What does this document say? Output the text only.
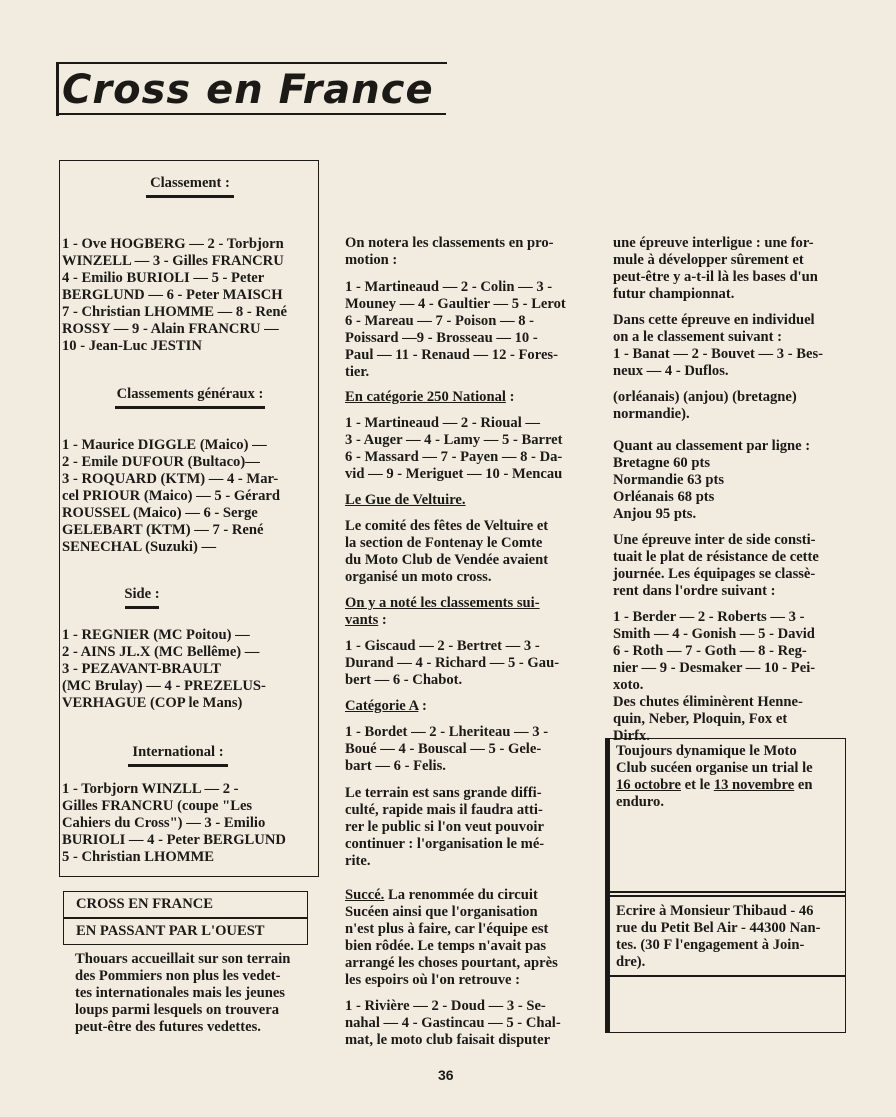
Cross en France
Classement :

1 - Ove HOGBERG — 2 - Torbjorn

WINZELL — 3 - Gilles FRANCRU

4 - Emilio BURIOLI — 5 - Peter

BERGLUND — 6 - Peter MAISCH

7 - Christian LHOMME — 8 - René

ROSSY — 9 - Alain FRANCRU —

10 - Jean-Luc JESTIN

Classements généraux :

1 - Maurice DIGGLE (Maico) —

2 - Emile DUFOUR (Bultaco)—

3 - ROQUARD (KTM) — 4 - Mar-

cel PRIOUR (Maico) — 5 - Gérard

ROUSSEL (Maico) — 6 - Serge

GELEBART (KTM) — 7 - René

SENECHAL (Suzuki) —

Side :

1 - REGNIER (MC Poitou) —

2 - AINS JL.X (MC Bellême) —

3 - PEZAVANT-BRAULT

(MC Brulay) — 4 - PREZELUS-

VERHAGUE (COP le Mans)

International :

1 - Torbjorn WINZLL — 2 -

Gilles FRANCRU (coupe "Les

Cahiers du Cross") — 3 - Emilio

BURIOLI — 4 - Peter BERGLUND

5 - Christian LHOMME

CROSS EN FRANCE
EN PASSANT PAR L'OUEST

Thouars accueillait sur son terrain

des Pommiers non plus les vedet-

tes internationales mais les jeunes

loups parmi lesquels on trouvera

peut-être des futures vedettes.

On notera les classements en pro-

motion :

1 - Martineaud — 2 - Colin — 3 -

Mouney — 4 - Gaultier — 5 - Lerot

6 - Mareau — 7 - Poison — 8 -

Poissard —9 - Brosseau — 10 -

Paul — 11 - Renaud — 12 - Fores-

tier.

En catégorie 250 National :

1 - Martineaud — 2 - Rioual —

3 - Auger — 4 - Lamy — 5 - Barret

6 - Massard — 7 - Payen — 8 - Da-

vid — 9 - Meriguet — 10 - Mencau

Le Gue de Veltuire.

Le comité des fêtes de Veltuire et

la section de Fontenay le Comte

du Moto Club de Vendée avaient

organisé un moto cross.

On y a noté les classements sui-

vants :

1 - Giscaud — 2 - Bertret — 3 -

Durand — 4 - Richard — 5 - Gau-

bert — 6 - Chabot.

Catégorie A :

1 - Bordet — 2 - Lheriteau — 3 -

Boué — 4 - Bouscal — 5 - Gele-

bart — 6 - Felis.

Le terrain est sans grande diffi-

culté, rapide mais il faudra atti-

rer le public si l'on veut pouvoir

continuer : l'organisation le mé-

rite.

Succé. La renommée du circuit

Sucéen ainsi que l'organisation

n'est plus à faire, car l'équipe est

bien rôdée. Le temps n'avait pas

arrangé les choses pourtant, après

les espoirs où l'on retrouve :

1 - Rivière — 2 - Doud — 3 - Se-

nahal — 4 - Gastincau — 5 - Chal-

mat, le moto club faisait disputer

une épreuve interligue : une for-

mule à développer sûrement et

peut-être y a-t-il là les bases d'un

futur championnat.

Dans cette épreuve en individuel

on a le classement suivant :

1 - Banat — 2 - Bouvet — 3 - Bes-

neux — 4 - Duflos.

(orléanais) (anjou) (bretagne)

normandie).

Quant au classement par ligne :

Bretagne 60 pts

Normandie 63 pts

Orléanais 68 pts

Anjou 95 pts.

Une épreuve inter de side consti-

tuait le plat de résistance de cette

journée. Les équipages se classè-

rent dans l'ordre suivant :

1 - Berder — 2 - Roberts — 3 -

Smith — 4 - Gonish — 5 - David

6 - Roth — 7 - Goth — 8 - Reg-

nier — 9 - Desmaker — 10 - Pei-

xoto.

Des chutes éliminèrent Henne-

quin, Neber, Ploquin, Fox et

Dirfx.

Toujours dynamique le Moto

Club sucéen organise un trial le

16 octobre et le 13 novembre en

enduro.

Ecrire à Monsieur Thibaud - 46

rue du Petit Bel Air - 44300 Nan-

tes. (30 F l'engagement à Join-

dre).

36
